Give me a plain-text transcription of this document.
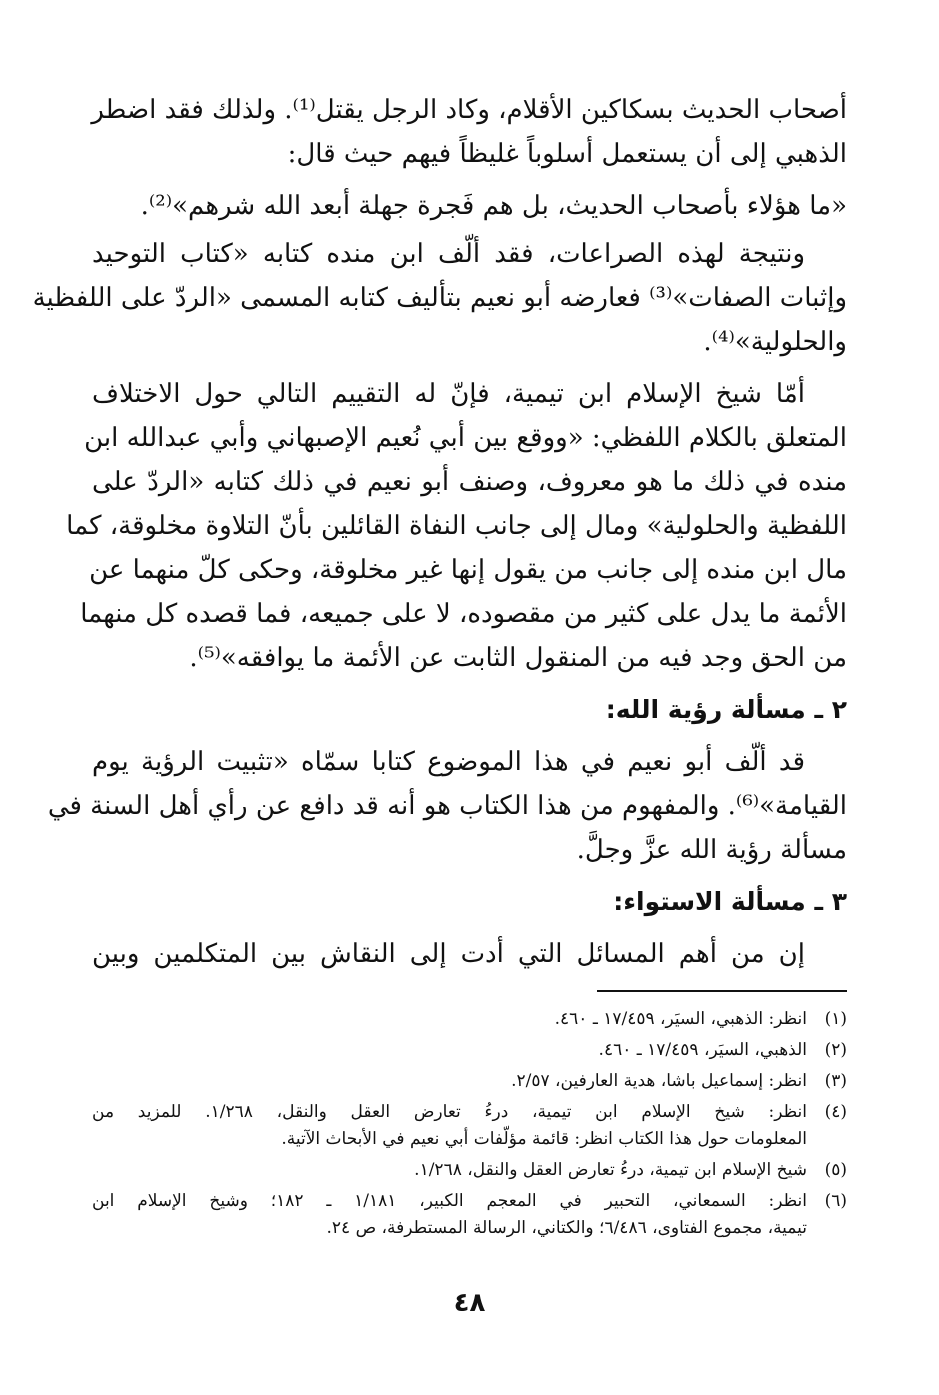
أصحاب الحديث بسكاكين الأقلام، وكاد الرجل يقتل⁽¹⁾. ولذلك فقد اضطر
الذهبي إلى أن يستعمل أسلوباً غليظاً فيهم حيث قال:
«ما هؤلاء بأصحاب الحديث، بل هم فَجرة جهلة أبعد الله شرهم»⁽²⁾.
ونتيجة لهذه الصراعات، فقد ألّف ابن منده كتابه «كتاب التوحيد
وإثبات الصفات»⁽³⁾ فعارضه أبو نعيم بتأليف كتابه المسمى «الردّ على اللفظية
والحلولية»⁽⁴⁾.
أمّا شيخ الإسلام ابن تيمية، فإنّ له التقييم التالي حول الاختلاف
المتعلق بالكلام اللفظي: «ووقع بين أبي نُعيم الإصبهاني وأبي عبدالله ابن
منده في ذلك ما هو معروف، وصنف أبو نعيم في ذلك كتابه «الردّ على
اللفظية والحلولية» ومال إلى جانب النفاة القائلين بأنّ التلاوة مخلوقة، كما
مال ابن منده إلى جانب من يقول إنها غير مخلوقة، وحكى كلّ منهما عن
الأئمة ما يدل على كثير من مقصوده، لا على جميعه، فما قصده كل منهما
من الحق وجد فيه من المنقول الثابت عن الأئمة ما يوافقه»⁽⁵⁾.
٢ ـ مسألة رؤية الله:
قد ألّف أبو نعيم في هذا الموضوع كتابا سمّاه «تثبيت الرؤية يوم
القيامة»⁽⁶⁾. والمفهوم من هذا الكتاب هو أنه قد دافع عن رأي أهل السنة في
مسألة رؤية الله عزَّ وجلَّ.
٣ ـ مسألة الاستواء:
إن من أهم المسائل التي أدت إلى النقاش بين المتكلمين وبين
(١)
انظر: الذهبي، السيَر، ١٧/٤٥٩ ـ ٤٦٠.
(٢)
الذهبي، السيَر، ١٧/٤٥٩ ـ ٤٦٠.
(٣)
انظر: إسماعيل باشا، هدية العارفين، ٢/٥٧.
(٤)
انظر: شيخ الإسلام ابن تيمية، درءُ تعارض العقل والنقل، ١/٢٦٨. للمزيد من
المعلومات حول هذا الكتاب انظر: قائمة مؤلّفات أبي نعيم في الأبحاث الآتية.
(٥)
شيخ الإسلام ابن تيمية، درءُ تعارض العقل والنقل، ١/٢٦٨.
(٦)
انظر: السمعاني، التحبير في المعجم الكبير، ١/١٨١ ـ ١٨٢؛ وشيخ الإسلام ابن
تيمية، مجموع الفتاوى، ٦/٤٨٦؛ والكتاني، الرسالة المستطرفة، ص ٢٤.
٤٨
